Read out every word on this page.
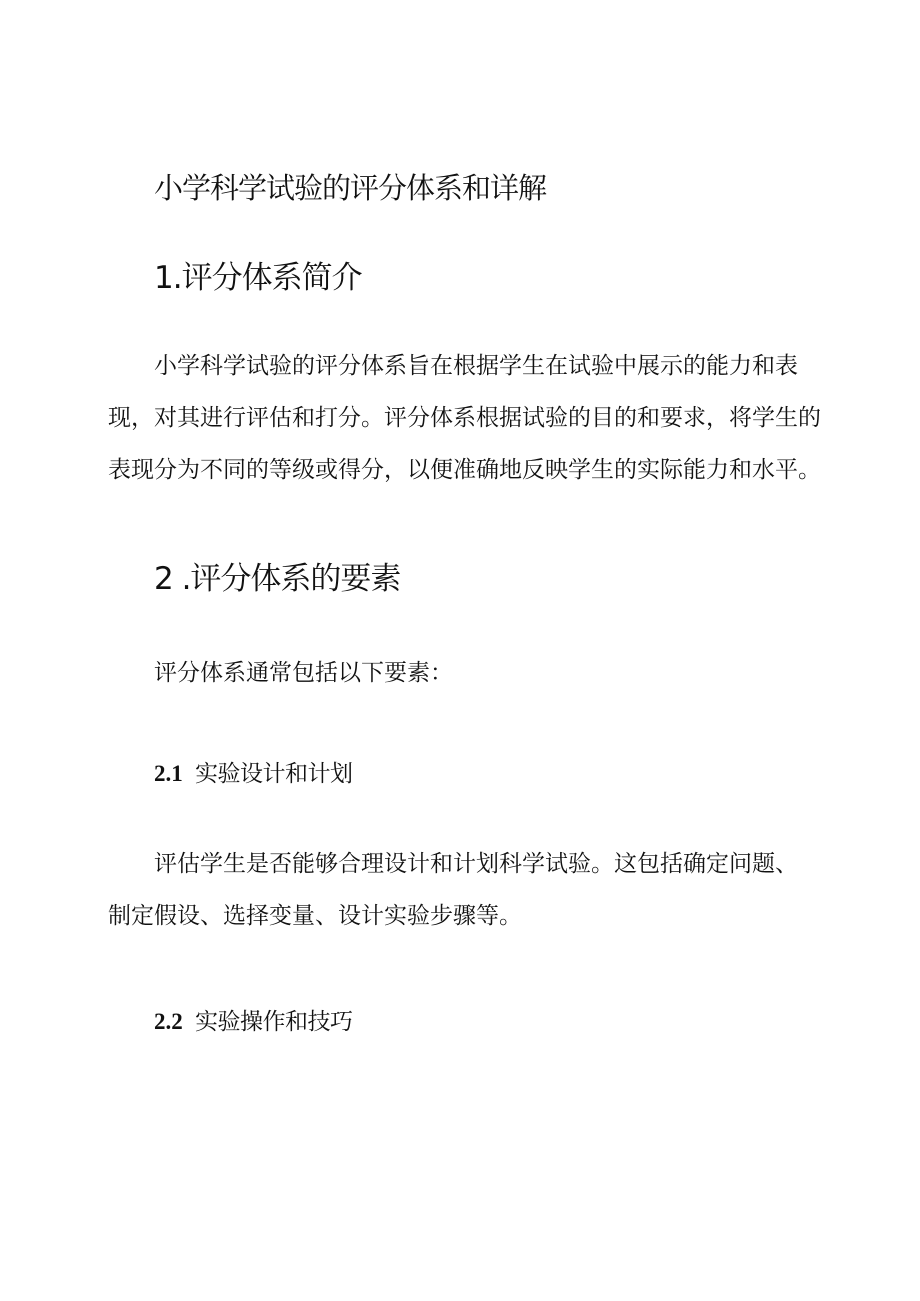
小学科学试验的评分体系和详解
1.评分体系简介
小学科学试验的评分体系旨在根据学生在试验中展示的能力和表
现，对其进行评估和打分。评分体系根据试验的目的和要求，将学生的
表现分为不同的等级或得分，以便准确地反映学生的实际能力和水平。
2 .评分体系的要素
评分体系通常包括以下要素：
2.1 实验设计和计划
评估学生是否能够合理设计和计划科学试验。这包括确定问题、
制定假设、选择变量、设计实验步骤等。
2.2 实验操作和技巧
